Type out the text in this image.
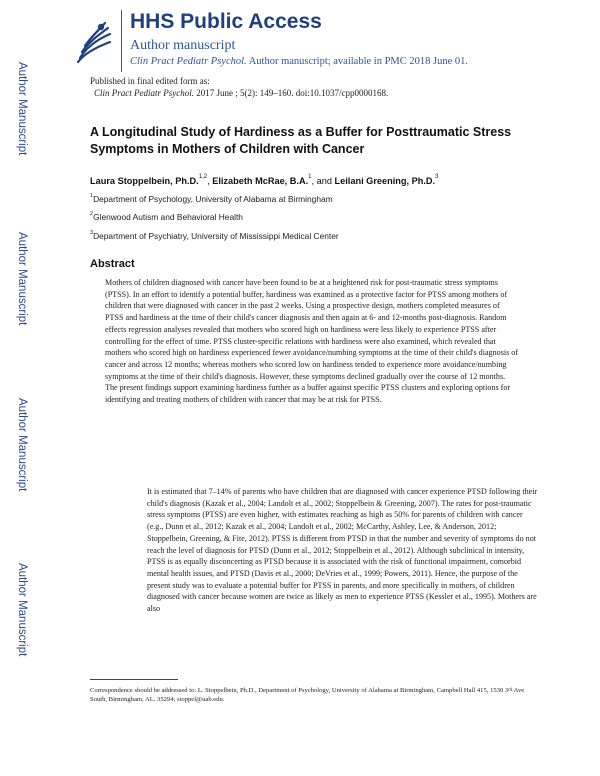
Author Manuscript
Author Manuscript
Author Manuscript
Author Manuscript
HHS Public Access
Author manuscript
Clin Pract Pediatr Psychol. Author manuscript; available in PMC 2018 June 01.
Published in final edited form as:
Clin Pract Pediatr Psychol. 2017 June ; 5(2): 149–160. doi:10.1037/cpp0000168.
A Longitudinal Study of Hardiness as a Buffer for Posttraumatic Stress Symptoms in Mothers of Children with Cancer
Laura Stoppelbein, Ph.D.$^{1,2}$, Elizabeth McRae, B.A.$^1$, and Leilani Greening, Ph.D.$^3$
$^1$Department of Psychology, University of Alabama at Birmingham
$^2$Glenwood Autism and Behavioral Health
$^3$Department of Psychiatry, University of Mississippi Medical Center
Abstract
Mothers of children diagnosed with cancer have been found to be at a heightened risk for post-traumatic stress symptoms (PTSS). In an effort to identify a potential buffer, hardiness was examined as a protective factor for PTSS among mothers of children that were diagnosed with cancer in the past 2 weeks. Using a prospective design, mothers completed measures of PTSS and hardiness at the time of their child's cancer diagnosis and then again at 6- and 12-months post-diagnosis. Random effects regression analyses revealed that mothers who scored high on hardiness were less likely to experience PTSS after controlling for the effect of time. PTSS cluster-specific relations with hardiness were also examined, which revealed that mothers who scored high on hardiness experienced fewer avoidance/numbing symptoms at the time of their child's diagnosis of cancer and across 12 months; whereas mothers who scored low on hardiness tended to experience more avoidance/numbing symptoms at the time of their child's diagnosis. However, these symptoms declined gradually over the course of 12 months. The present findings support examining hardiness further as a buffer against specific PTSS clusters and exploring options for identifying and treating mothers of children with cancer that may be at risk for PTSS.
It is estimated that 7–14% of parents who have children that are diagnosed with cancer experience PTSD following their child's diagnosis (Kazak et al., 2004; Landolt et al., 2002; Stoppelbein & Greening, 2007). The rates for post-traumatic stress symptoms (PTSS) are even higher, with estimates reaching as high as 50% for parents of children with cancer (e.g., Dunn et al., 2012; Kazak et al., 2004; Landolt et al., 2002; McCarthy, Ashley, Lee, & Anderson, 2012; Stoppelbein, Greening, & Fite, 2012). PTSS is different from PTSD in that the number and severity of symptoms do not reach the level of diagnosis for PTSD (Dunn et al., 2012; Stoppelbein et al., 2012). Although subclinical in intensity, PTSS is as equally disconcerting as PTSD because it is associated with the risk of functional impairment, comorbid mental health issues, and PTSD (Davis et al., 2000; DeVries et al., 1999; Powers, 2011). Hence, the purpose of the present study was to evaluate a potential buffer for PTSS in parents, and more specifically in mothers, of children diagnosed with cancer because women are twice as likely as men to experience PTSS (Kessler et al., 1995). Mothers are also
Correspondence should be addressed to: L. Stoppelbein, Ph.D., Department of Psychology, University of Alabama at Birmingham, Campbell Hall 415, 1530 3rd Ave South, Birmingham, AL. 35294; stoppel@uab.edu.
